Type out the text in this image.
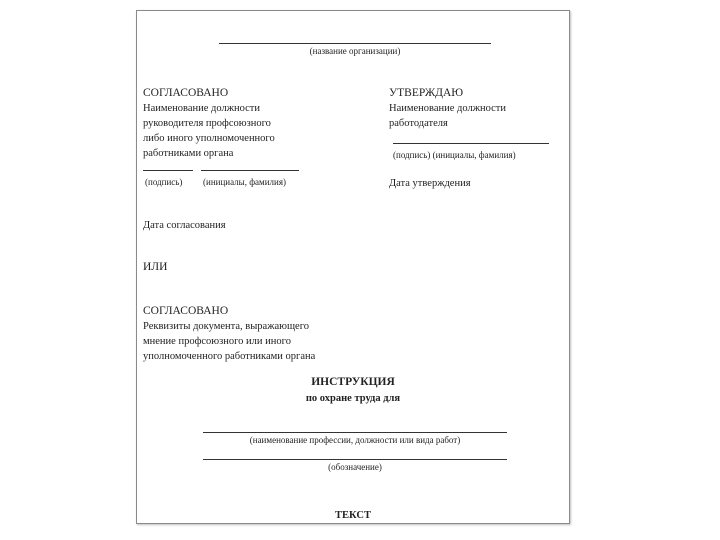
(название организации)
СОГЛАСОВАНО
Наименование должности
руководителя профсоюзного
либо иного уполномоченного
работниками органа
(подпись) (инициалы, фамилия)
Дата согласования
УТВЕРЖДАЮ
Наименование должности
работодателя
(подпись) (инициалы, фамилия)
Дата утверждения
ИЛИ
СОГЛАСОВАНО
Реквизиты документа, выражающего
мнение профсоюзного или иного
уполномоченного работниками органа
ИНСТРУКЦИЯ
по охране труда для
(наименование профессии, должности или вида работ)
(обозначение)
ТЕКСТ
